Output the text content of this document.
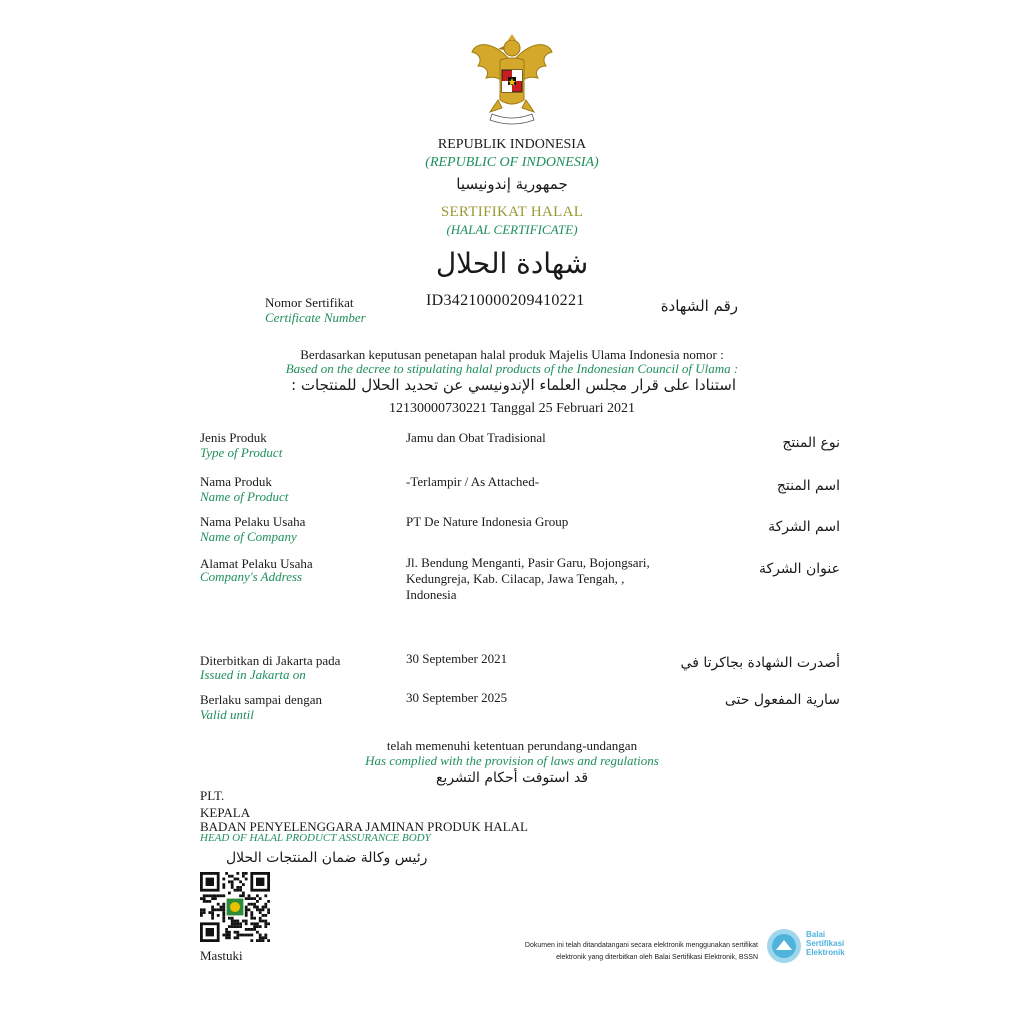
REPUBLIK INDONESIA
(REPUBLIC OF INDONESIA)
جمهورية إندونيسيا
SERTIFIKAT HALAL
(HALAL CERTIFICATE)
شهادة الحلال
Nomor Sertifikat
Certificate Number
ID34210000209410221	رقم الشهادة
Berdasarkan keputusan penetapan halal produk Majelis Ulama Indonesia nomor :
Based on the decree to stipulating halal products of the Indonesian Council of Ulama :
استنادا على قرار مجلس العلماء الإندونيسي عن تحديد الحلال للمنتجات :
12130000730221 Tanggal 25 Februari 2021
Jenis Produk
Type of Product
Jamu dan Obat Tradisional	نوع المنتج
Nama Produk
Name of Product
-Terlampir / As Attached-	اسم المنتج
Nama Pelaku Usaha
Name of Company
PT De Nature Indonesia Group	اسم الشركة
Alamat Pelaku Usaha
Company's Address
Jl. Bendung Menganti, Pasir Garu, Bojongsari,
Kedungreja, Kab. Cilacap, Jawa Tengah, ,
Indonesia
عنوان الشركة
Diterbitkan di Jakarta pada
Issued in Jakarta on
30 September 2021	أصدرت الشهادة بجاكرتا في
Berlaku sampai dengan
Valid until
30 September 2025	سارية المفعول حتى
telah memenuhi ketentuan perundang-undangan
Has complied with the provision of laws and regulations
قد استوفت أحكام التشريع
PLT.
KEPALA
BADAN PENYELENGGARA JAMINAN PRODUK HALAL
HEAD OF HALAL PRODUCT ASSURANCE BODY
رئيس وكالة ضمان المنتجات الحلال
Mastuki
Dokumen ini telah ditandatangani secara elektronik menggunakan sertifikat
elektronik yang diterbitkan oleh Balai Sertifikasi Elektronik, BSSN
Balai
Sertifikasi
Elektronik
